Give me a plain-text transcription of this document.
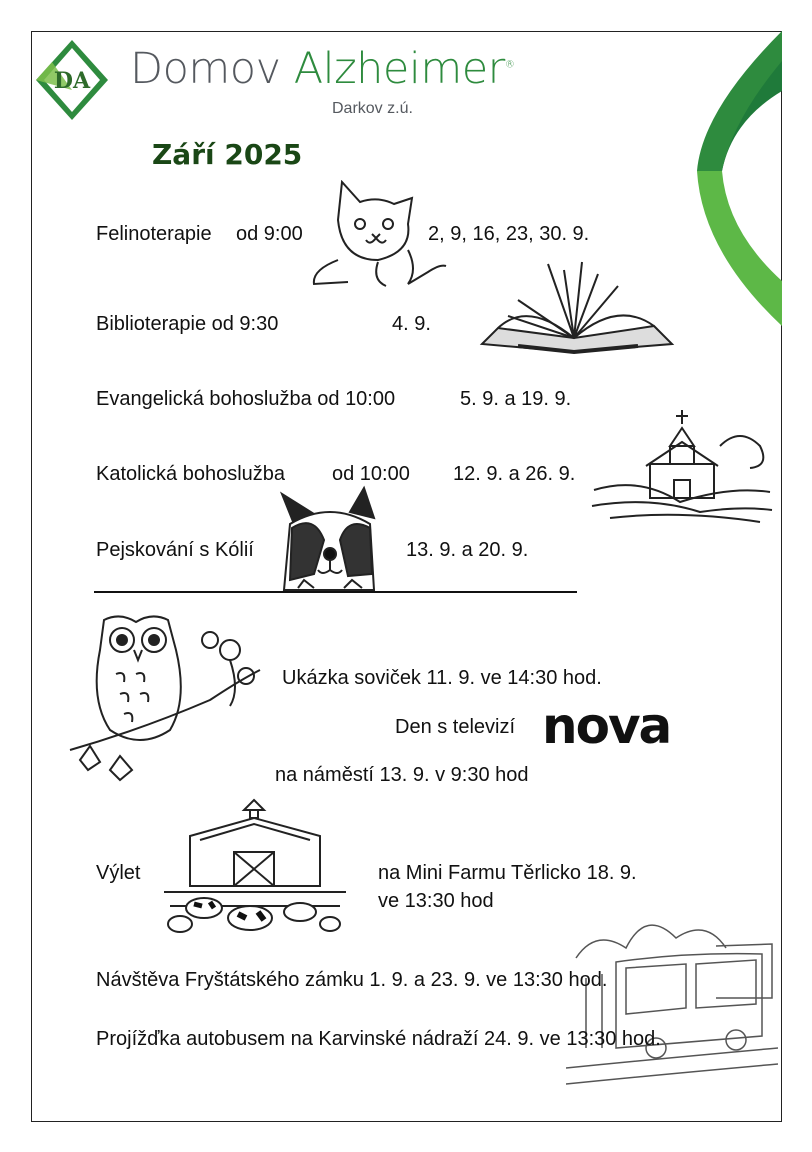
DA Domov Alzheimer®
Darkov z.ú.
Září 2025
Felinoterapie od 9:00	2, 9, 16, 23, 30. 9.
Biblioterapie od 9:30	4. 9.
Evangelická bohoslužba od 10:00	5. 9. a 19. 9.
Katolická bohoslužba od 10:00 12. 9. a 26. 9.
Pejskování s Kólií	13. 9. a 20. 9.
Ukázka soviček 11. 9. ve 14:30 hod.
Den s televizí nova
na náměstí 13. 9. v 9:30 hod
Výlet	na Mini Farmu Těrlicko 18. 9.
ve 13:30 hod
Návštěva Fryštátského zámku 1. 9. a 23. 9. ve 13:30 hod.
Projížďka autobusem na Karvinské nádraží 24. 9. ve 13:30 hod.
